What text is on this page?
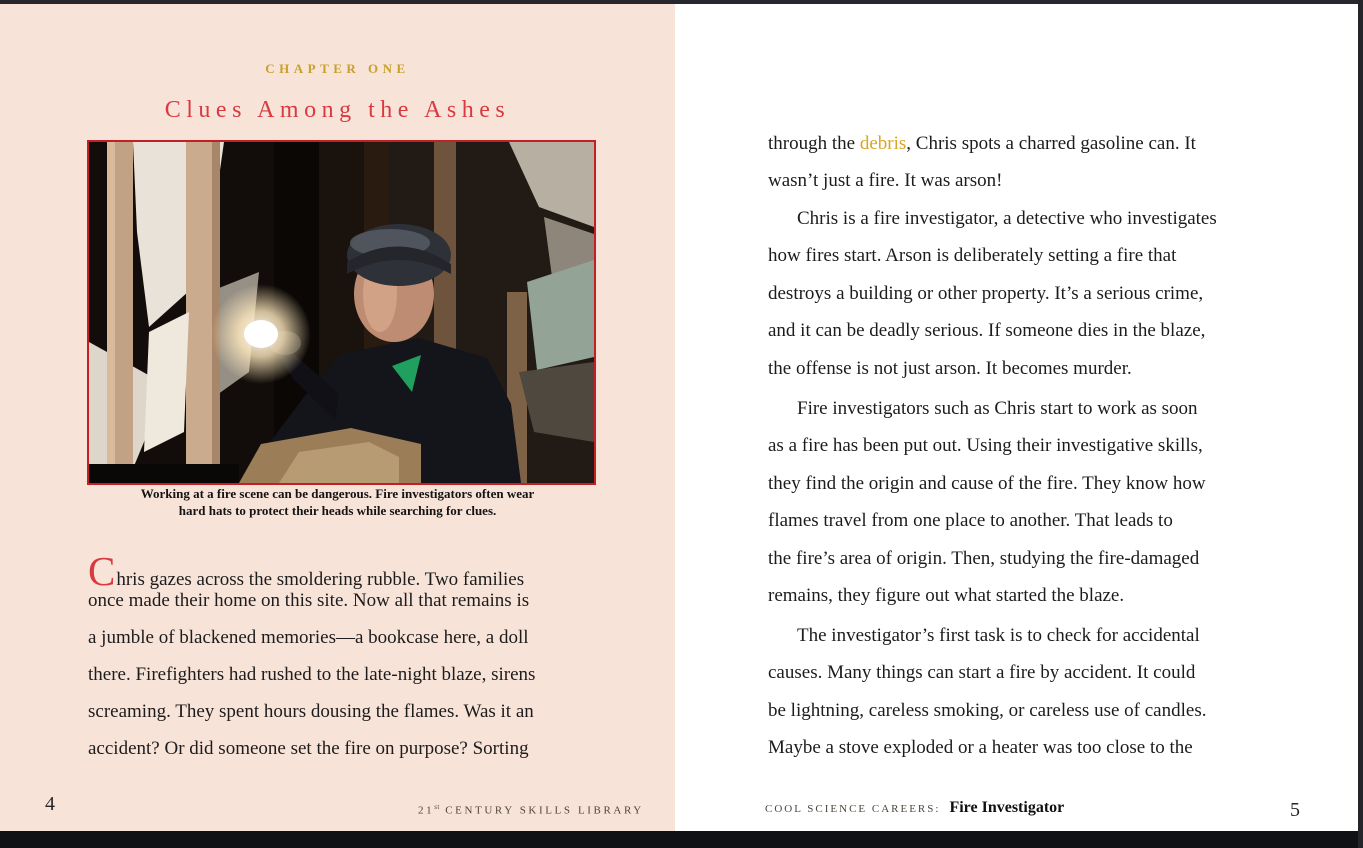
CHAPTER ONE
Clues Among the Ashes
Working at a fire scene can be dangerous. Fire investigators often wear
hard hats to protect their heads while searching for clues.
Chris gazes across the smoldering rubble. Two families
once made their home on this site. Now all that remains is
a jumble of blackened memories—a bookcase here, a doll
there. Firefighters had rushed to the late-night blaze, sirens
screaming. They spent hours dousing the flames. Was it an
accident? Or did someone set the fire on purpose? Sorting
4	21st CENTURY SKILLS LIBRARY
through the debris, Chris spots a charred gasoline can. It
wasn’t just a fire. It was arson!
Chris is a fire investigator, a detective who investigates
how fires start. Arson is deliberately setting a fire that
destroys a building or other property. It’s a serious crime,
and it can be deadly serious. If someone dies in the blaze,
the offense is not just arson. It becomes murder.
Fire investigators such as Chris start to work as soon
as a fire has been put out. Using their investigative skills,
they find the origin and cause of the fire. They know how
flames travel from one place to another. That leads to
the fire’s area of origin. Then, studying the fire-damaged
remains, they figure out what started the blaze.
The investigator’s first task is to check for accidental
causes. Many things can start a fire by accident. It could
be lightning, careless smoking, or careless use of candles.
Maybe a stove exploded or a heater was too close to the
COOL SCIENCE CAREERS: Fire Investigator	5
